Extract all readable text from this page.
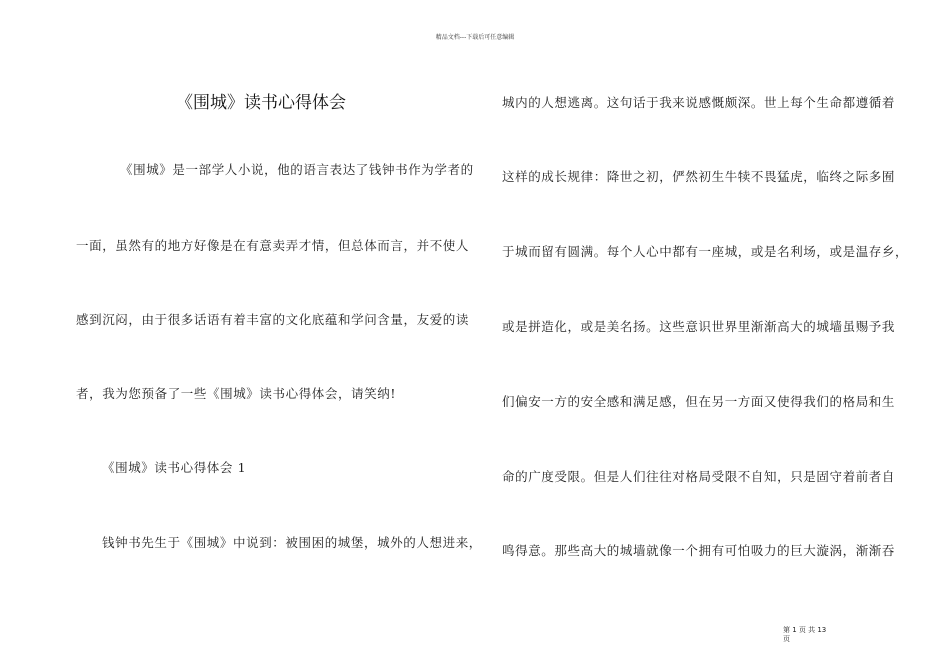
精品文档---下载后可任意编辑
《围城》读书心得体会
《围城》是一部学人小说，他的语言表达了钱钟书作为学者的
一面，虽然有的地方好像是在有意卖弄才情，但总体而言，并不使人
感到沉闷，由于很多话语有着丰富的文化底蕴和学问含量，友爱的读
者，我为您预备了一些《围城》读书心得体会，请笑纳!
《围城》读书心得体会 1
钱钟书先生于《围城》中说到：被围困的城堡，城外的人想进来，
城内的人想逃离。这句话于我来说感慨颇深。世上每个生命都遵循着
这样的成长规律：降世之初，俨然初生牛犊不畏猛虎，临终之际多囿
于城而留有圆满。每个人心中都有一座城，或是名利场，或是温存乡，
或是拼造化，或是美名扬。这些意识世界里渐渐高大的城墙虽赐予我
们偏安一方的安全感和满足感，但在另一方面又使得我们的格局和生
命的广度受限。但是人们往往对格局受限不自知，只是固守着前者自
鸣得意。那些高大的城墙就像一个拥有可怕吸力的巨大漩涡，渐渐吞
第 1 页 共 13 页
